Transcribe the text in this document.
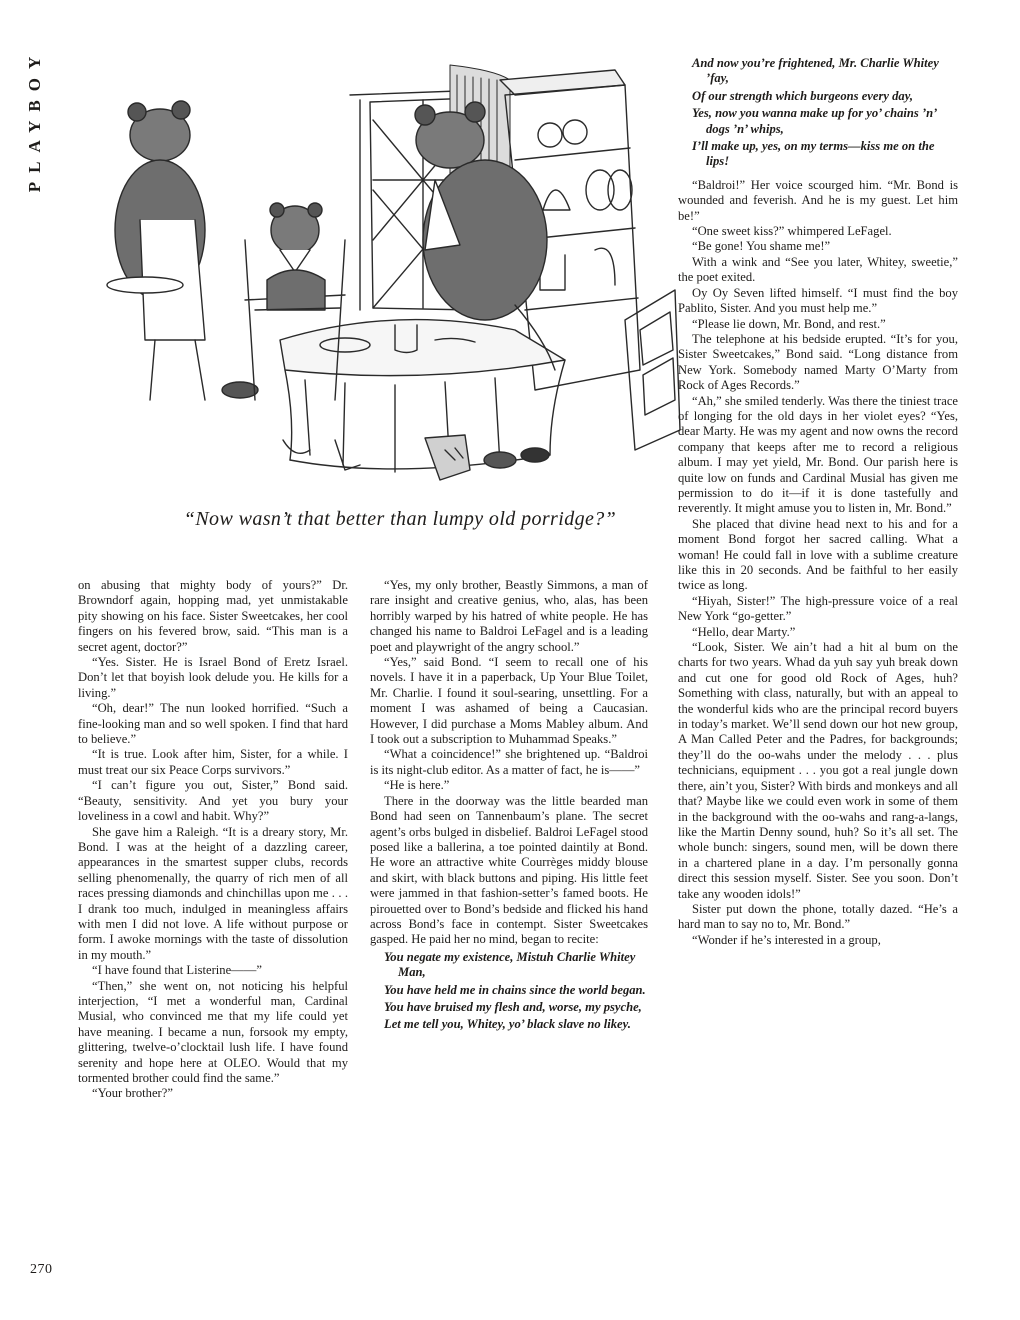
PLAYBOY
“Now wasn’t that better than lumpy old porridge?”

on abusing that mighty body of yours?” Dr. Browndorf again, hopping mad, yet unmistakable pity showing on his face. Sister Sweetcakes, her cool fingers on his fevered brow, said. “This man is a secret agent, doctor?”

“Yes. Sister. He is Israel Bond of Eretz Israel. Don’t let that boyish look delude you. He kills for a living.”

“Oh, dear!” The nun looked horrified. “Such a fine-looking man and so well spoken. I find that hard to believe.”

“It is true. Look after him, Sister, for a while. I must treat our six Peace Corps survivors.”

“I can’t figure you out, Sister,” Bond said. “Beauty, sensitivity. And yet you bury your loveliness in a cowl and habit. Why?”

She gave him a Raleigh. “It is a dreary story, Mr. Bond. I was at the height of a dazzling career, appearances in the smartest supper clubs, records selling phenomenally, the quarry of rich men of all races pressing diamonds and chinchillas upon me . . . I drank too much, indulged in meaningless affairs with men I did not love. A life without purpose or form. I awoke mornings with the taste of dissolution in my mouth.”

“I have found that Listerine——”

“Then,” she went on, not noticing his helpful interjection, “I met a wonderful man, Cardinal Musial, who convinced me that my life could yet have meaning. I became a nun, forsook my empty, glittering, twelve-o’clocktail lush life. I have found serenity and hope here at OLEO. Would that my tormented brother could find the same.”

“Your brother?”

“Yes, my only brother, Beastly Simmons, a man of rare insight and creative genius, who, alas, has been horribly warped by his hatred of white people. He has changed his name to Baldroi LeFagel and is a leading poet and playwright of the angry school.”

“Yes,” said Bond. “I seem to recall one of his novels. I have it in a paperback, Up Your Blue Toilet, Mr. Charlie. I found it soul-searing, unsettling. For a moment I was ashamed of being a Caucasian. However, I did purchase a Moms Mabley album. And I took out a subscription to Muhammad Speaks.”

“What a coincidence!” she brightened up. “Baldroi is its night-club editor. As a matter of fact, he is——”

“He is here.”

There in the doorway was the little bearded man Bond had seen on Tannenbaum’s plane. The secret agent’s orbs bulged in disbelief. Baldroi LeFagel stood posed like a ballerina, a toe pointed daintily at Bond. He wore an attractive white Courrèges middy blouse and skirt, with black buttons and piping. His little feet were jammed in that fashion-setter’s famed boots. He pirouetted over to Bond’s bedside and flicked his hand across Bond’s face in contempt. Sister Sweetcakes gasped. He paid her no mind, began to recite:

You negate my existence, Mistuh Charlie Whitey Man,
You have held me in chains since the world began.
You have bruised my flesh and, worse, my psyche,
Let me tell you, Whitey, yo’ black slave no likey.
And now you’re frightened, Mr. Charlie Whitey ’fay,
Of our strength which burgeons every day,
Yes, now you wanna make up for yo’ chains ’n’ dogs ’n’ whips,
I’ll make up, yes, on my terms—kiss me on the lips!

“Baldroi!” Her voice scourged him. “Mr. Bond is wounded and feverish. And he is my guest. Let him be!”

“One sweet kiss?” whimpered LeFagel.

“Be gone! You shame me!”

With a wink and “See you later, Whitey, sweetie,” the poet exited.

Oy Oy Seven lifted himself. “I must find the boy Pablito, Sister. And you must help me.”

“Please lie down, Mr. Bond, and rest.”

The telephone at his bedside erupted. “It’s for you, Sister Sweetcakes,” Bond said. “Long distance from New York. Somebody named Marty O’Marty from Rock of Ages Records.”

“Ah,” she smiled tenderly. Was there the tiniest trace of longing for the old days in her violet eyes? “Yes, dear Marty. He was my agent and now owns the record company that keeps after me to record a religious album. I may yet yield, Mr. Bond. Our parish here is quite low on funds and Cardinal Musial has given me permission to do it—if it is done tastefully and reverently. It might amuse you to listen in, Mr. Bond.”

She placed that divine head next to his and for a moment Bond forgot her sacred calling. What a woman! He could fall in love with a sublime creature like this in 20 seconds. And be faithful to her easily twice as long.

“Hiyah, Sister!” The high-pressure voice of a real New York “go-getter.”

“Hello, dear Marty.”

“Look, Sister. We ain’t had a hit al bum on the charts for two years. Whad da yuh say yuh break down and cut one for good old Rock of Ages, huh? Something with class, naturally, but with an appeal to the wonderful kids who are the principal record buyers in today’s market. We’ll send down our hot new group, A Man Called Peter and the Padres, for backgrounds; they’ll do the oo-wahs under the melody . . . plus technicians, equipment . . . you got a real jungle down there, ain’t you, Sister? With birds and monkeys and all that? Maybe like we could even work in some of them in the background with the oo-wahs and rang-a-langs, like the Martin Denny sound, huh? So it’s all set. The whole bunch: singers, sound men, will be down there in a chartered plane in a day. I’m personally gonna direct this session myself. Sister. See you soon. Don’t take any wooden idols!”

Sister put down the phone, totally dazed. “He’s a hard man to say no to, Mr. Bond.”

“Wonder if he’s interested in a group,

270
